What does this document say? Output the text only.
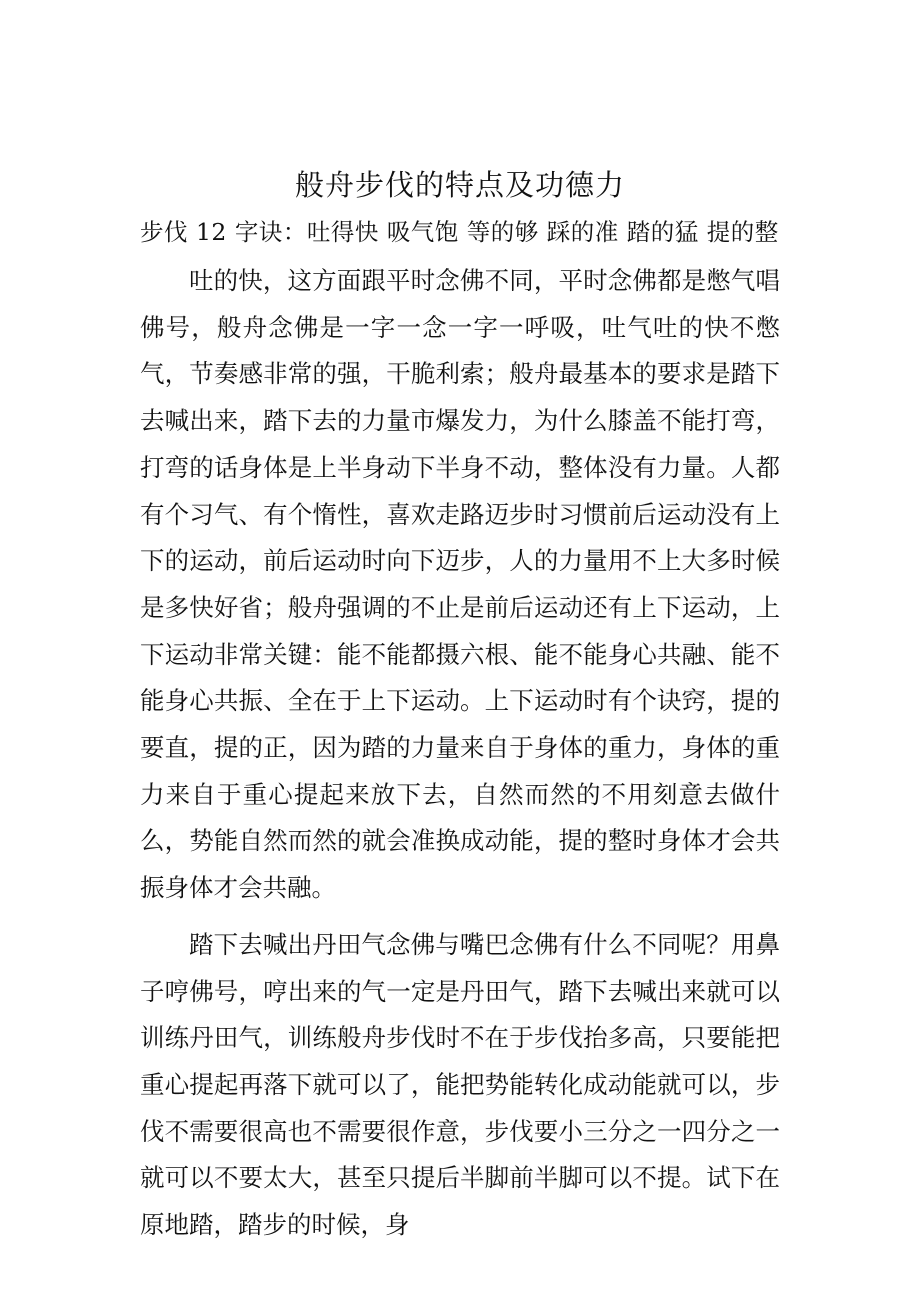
般舟步伐的特点及功德力

步伐 12 字诀：吐得快 吸气饱 等的够 踩的准 踏的猛 提的整

吐的快，这方面跟平时念佛不同，平时念佛都是憋气唱佛号，般舟念佛是一字一念一字一呼吸，吐气吐的快不憋气，节奏感非常的强，干脆利索；般舟最基本的要求是踏下去喊出来，踏下去的力量市爆发力，为什么膝盖不能打弯，打弯的话身体是上半身动下半身不动，整体没有力量。人都有个习气、有个惰性，喜欢走路迈步时习惯前后运动没有上下的运动，前后运动时向下迈步，人的力量用不上大多时候是多快好省；般舟强调的不止是前后运动还有上下运动，上下运动非常关键：能不能都摄六根、能不能身心共融、能不能身心共振、全在于上下运动。上下运动时有个诀窍，提的要直，提的正，因为踏的力量来自于身体的重力，身体的重力来自于重心提起来放下去，自然而然的不用刻意去做什么，势能自然而然的就会准换成动能，提的整时身体才会共振身体才会共融。

踏下去喊出丹田气念佛与嘴巴念佛有什么不同呢？用鼻子哼佛号，哼出来的气一定是丹田气，踏下去喊出来就可以训练丹田气，训练般舟步伐时不在于步伐抬多高，只要能把重心提起再落下就可以了，能把势能转化成动能就可以，步伐不需要很高也不需要很作意，步伐要小三分之一四分之一就可以不要太大，甚至只提后半脚前半脚可以不提。试下在原地踏，踏步的时候，身
